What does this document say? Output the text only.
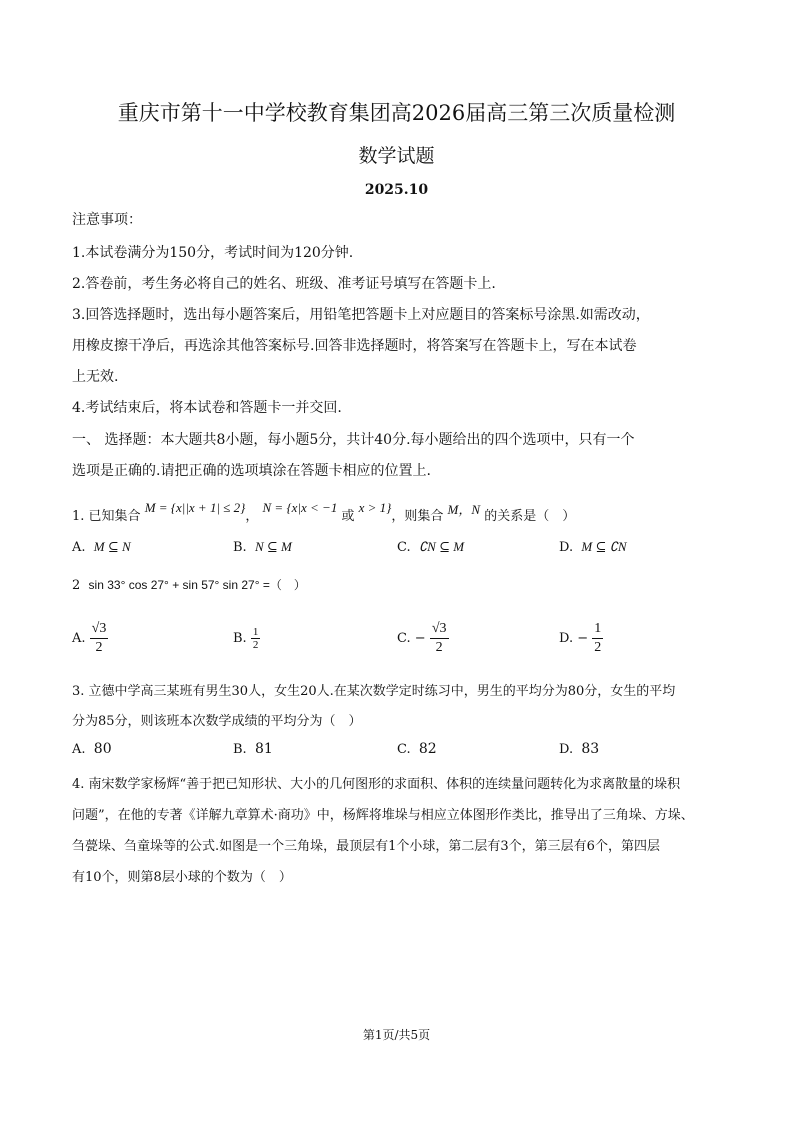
重庆市第十一中学校教育集团高2026届高三第三次质量检测
数学试题
2025.10
注意事项：
1.本试卷满分为150分，考试时间为120分钟.
2.答卷前，考生务必将自己的姓名、班级、准考证号填写在答题卡上.
3.回答选择题时，选出每小题答案后，用铅笔把答题卡上对应题目的答案标号涂黑.如需改动，
用橡皮擦干净后，再选涂其他答案标号.回答非选择题时，将答案写在答题卡上，写在本试卷
上无效.
4.考试结束后，将本试卷和答题卡一并交回.
一、 选择题：本大题共8小题，每小题5分，共计40分.每小题给出的四个选项中，只有一个
选项是正确的.请把正确的选项填涂在答题卡相应的位置上.
1. 已知集合 M = {x||x + 1| ≤ 2}， N = {x|x < −1 或 x > 1}，则集合 M，N 的关系是（　）
A. M ⊆ N	B. N ⊆ M	C. ∁N ⊆ M	D. M ⊆ ∁N
2 sin 33° cos 27° + sin 57° sin 27° =（　）
A. $\frac{√3}{2}$	B. $\frac{1}{2}$	C. − $\frac{√3}{2}$	D. − $\frac{1}{2}$
3. 立德中学高三某班有男生30人，女生20人.在某次数学定时练习中，男生的平均分为80分，女生的平均
分为85分，则该班本次数学成绩的平均分为（　）
A. 80	B. 81	C. 82	D. 83
4. 南宋数学家杨辉“善于把已知形状、大小的几何图形的求面积、体积的连续量问题转化为求离散量的垛积
问题”，在他的专著《详解九章算术·商功》中，杨辉将堆垛与相应立体图形作类比，推导出了三角垛、方垛、
刍甍垛、刍童垛等的公式.如图是一个三角垛，最顶层有1个小球，第二层有3个，第三层有6个，第四层
有10个，则第8层小球的个数为（　）
第1页/共5页
